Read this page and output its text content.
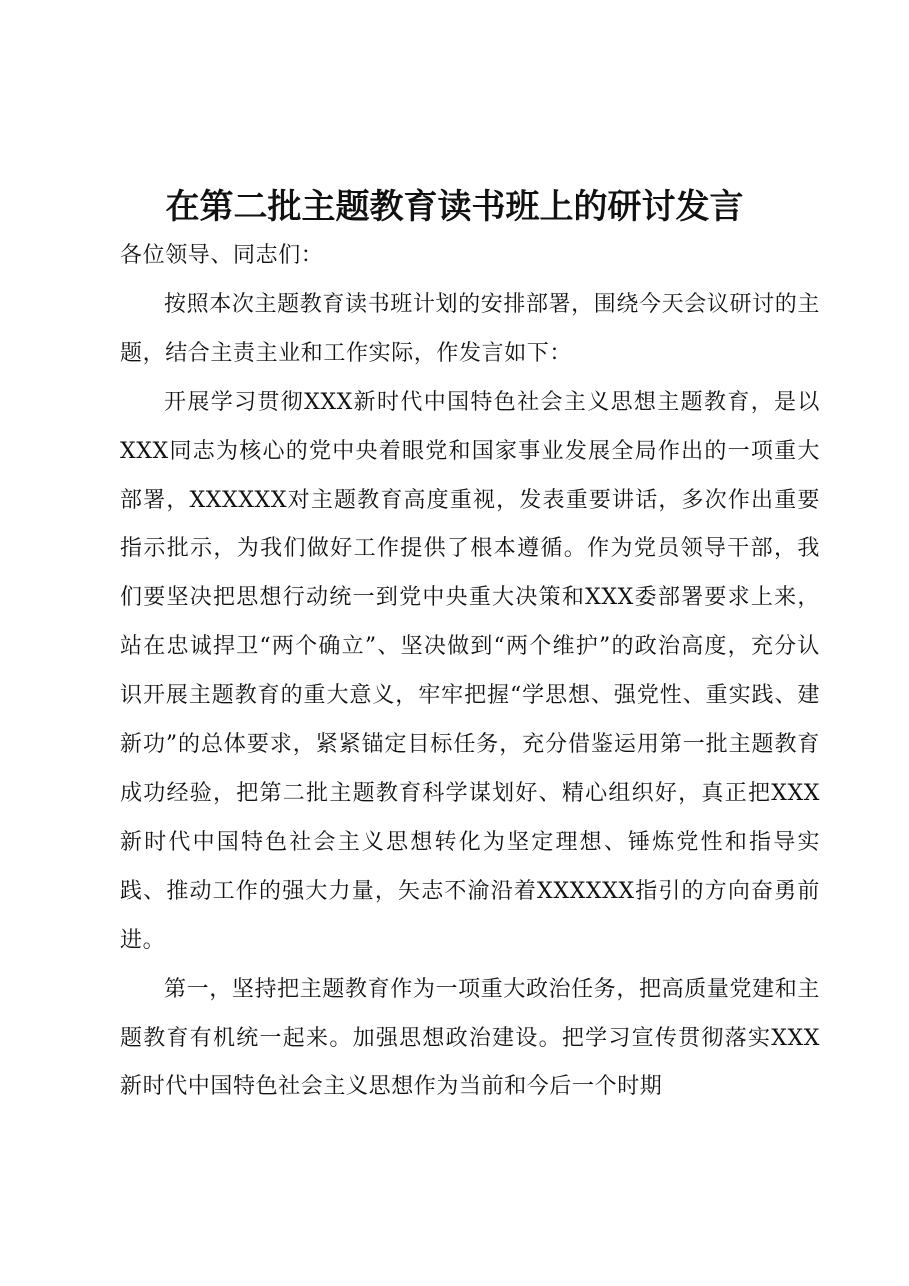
在第二批主题教育读书班上的研讨发言

各位领导、同志们：

按照本次主题教育读书班计划的安排部署，围绕今天会议研讨的主题，结合主责主业和工作实际，作发言如下：

开展学习贯彻XXX新时代中国特色社会主义思想主题教育，是以XXX同志为核心的党中央着眼党和国家事业发展全局作出的一项重大部署，XXXXXX对主题教育高度重视，发表重要讲话，多次作出重要指示批示，为我们做好工作提供了根本遵循。作为党员领导干部，我们要坚决把思想行动统一到党中央重大决策和XXX委部署要求上来，站在忠诚捍卫“两个确立”、坚决做到“两个维护”的政治高度，充分认识开展主题教育的重大意义，牢牢把握“学思想、强党性、重实践、建新功”的总体要求，紧紧锚定目标任务，充分借鉴运用第一批主题教育成功经验，把第二批主题教育科学谋划好、精心组织好，真正把XXX新时代中国特色社会主义思想转化为坚定理想、锤炼党性和指导实践、推动工作的强大力量，矢志不渝沿着XXXXXX指引的方向奋勇前进。

第一，坚持把主题教育作为一项重大政治任务，把高质量党建和主题教育有机统一起来。加强思想政治建设。把学习宣传贯彻落实XXX新时代中国特色社会主义思想作为当前和今后一个时期
